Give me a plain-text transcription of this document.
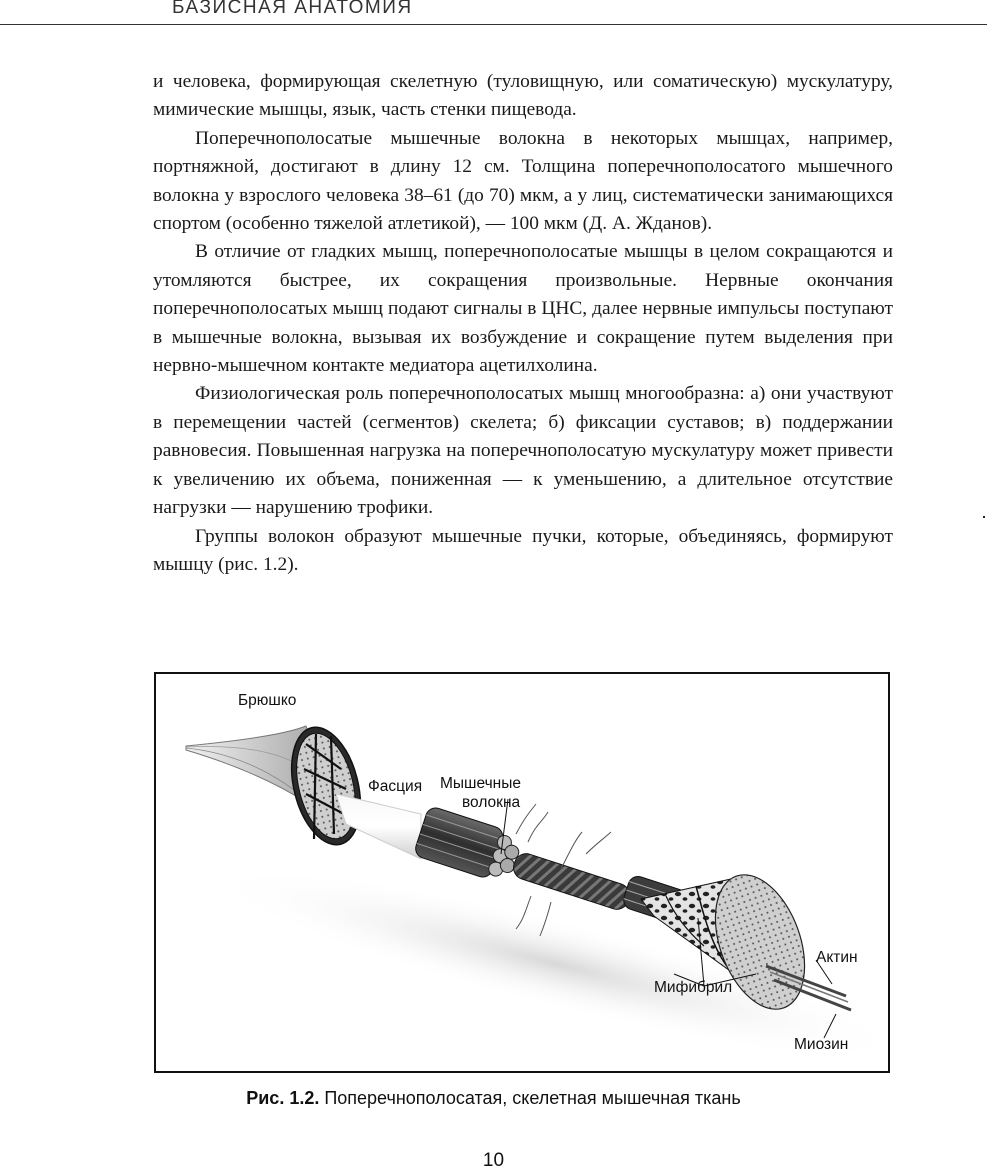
БАЗИСНАЯ АНАТОМИЯ

и человека, формирующая скелетную (туловищную, или соматическую) мускулатуру, мимические мышцы, язык, часть стенки пищевода.

Поперечнополосатые мышечные волокна в некоторых мышцах, например, портняжной, достигают в длину 12 см. Толщина поперечнополосатого мышечного волокна у взрослого человека 38–61 (до 70) мкм, а у лиц, систематически занимающихся спортом (особенно тяжелой атлетикой), — 100 мкм (Д. А. Жданов).

В отличие от гладких мышц, поперечнополосатые мышцы в целом сокращаются и утомляются быстрее, их сокращения произвольные. Нервные окончания поперечнополосатых мышц подают сигналы в ЦНС, далее нервные импульсы поступают в мышечные волокна, вызывая их возбуждение и сокращение путем выделения при нервно-мышечном контакте медиатора ацетилхолина.

Физиологическая роль поперечнополосатых мышц многообразна: а) они участвуют в перемещении частей (сегментов) скелета; б) фиксации суставов; в) поддержании равновесия. Повышенная нагрузка на поперечнополосатую мускулатуру может привести к увеличению их объема, пониженная — к уменьшению, а длительное отсутствие нагрузки — нарушению трофики.

Группы волокон образуют мышечные пучки, которые, объединяясь, формируют мышцу (рис. 1.2).

Брюшко
Фасция Мышечные
волокна
Актин
Мифибрил
Миозин
Рис. 1.2. Поперечнополосатая, скелетная мышечная ткань
10
